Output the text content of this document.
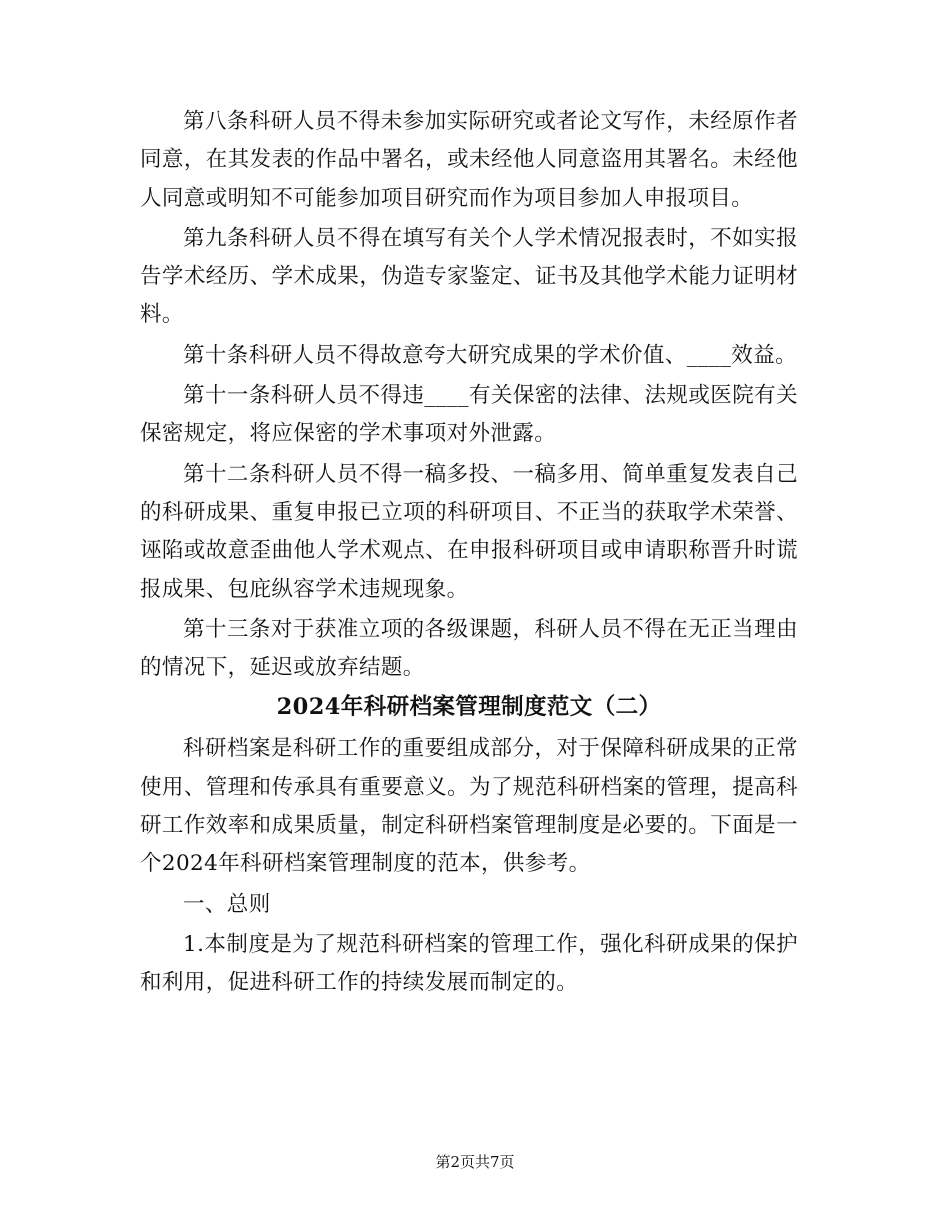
第八条科研人员不得未参加实际研究或者论文写作，未经原作者同意，在其发表的作品中署名，或未经他人同意盗用其署名。未经他人同意或明知不可能参加项目研究而作为项目参加人申报项目。

第九条科研人员不得在填写有关个人学术情况报表时，不如实报告学术经历、学术成果，伪造专家鉴定、证书及其他学术能力证明材料。

第十条科研人员不得故意夸大研究成果的学术价值、____效益。

第十一条科研人员不得违____有关保密的法律、法规或医院有关保密规定，将应保密的学术事项对外泄露。

第十二条科研人员不得一稿多投、一稿多用、简单重复发表自己的科研成果、重复申报已立项的科研项目、不正当的获取学术荣誉、诬陷或故意歪曲他人学术观点、在申报科研项目或申请职称晋升时谎报成果、包庇纵容学术违规现象。

第十三条对于获准立项的各级课题，科研人员不得在无正当理由的情况下，延迟或放弃结题。

2024年科研档案管理制度范文（二）

科研档案是科研工作的重要组成部分，对于保障科研成果的正常使用、管理和传承具有重要意义。为了规范科研档案的管理，提高科研工作效率和成果质量，制定科研档案管理制度是必要的。下面是一个2024年科研档案管理制度的范本，供参考。

一、总则

1.本制度是为了规范科研档案的管理工作，强化科研成果的保护和利用，促进科研工作的持续发展而制定的。

第2页共7页
